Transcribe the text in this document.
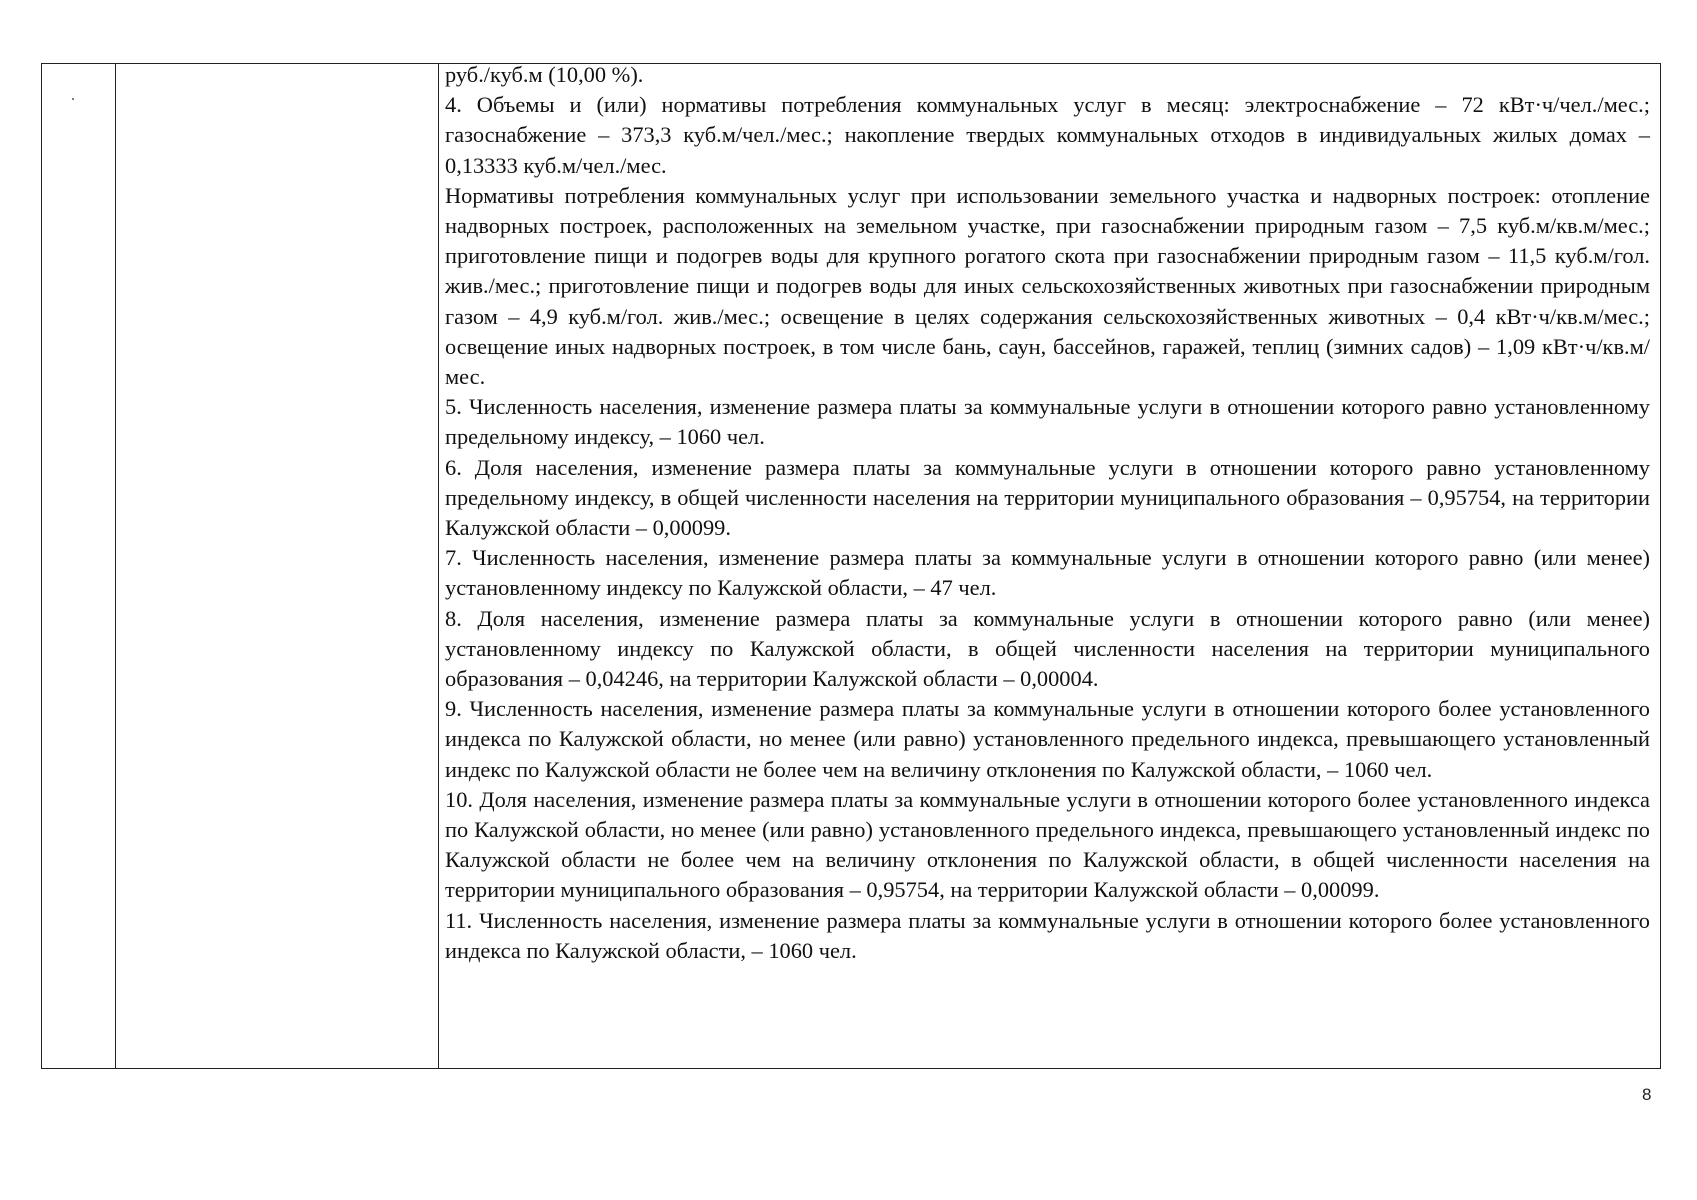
руб./куб.м (10,00 %).

4. Объемы и (или) нормативы потребления коммунальных услуг в месяц: электроснабжение – 72 кВт·ч/чел./мес.; газоснабжение – 373,3 куб.м/чел./мес.; накопление твердых коммунальных отходов в индивидуальных жилых домах – 0,13333 куб.м/чел./мес.

Нормативы потребления коммунальных услуг при использовании земельного участка и надворных построек: отопление надворных построек, расположенных на земельном участке, при газоснабжении природным газом – 7,5 куб.м/кв.м/мес.; приготовление пищи и подогрев воды для крупного рогатого скота при газоснабжении природным газом – 11,5 куб.м/гол. жив./мес.; приготовление пищи и подогрев воды для иных сельскохозяйственных животных при газоснабжении природным газом – 4,9 куб.м/гол. жив./мес.; освещение в целях содержания сельскохозяйственных животных – 0,4 кВт·ч/кв.м/мес.; освещение иных надворных построек, в том числе бань, саун, бассейнов, гаражей, теплиц (зимних садов) – 1,09 кВт·ч/кв.м/мес.

5. Численность населения, изменение размера платы за коммунальные услуги в отношении которого равно установленному предельному индексу, – 1060 чел.

6. Доля населения, изменение размера платы за коммунальные услуги в отношении которого равно установленному предельному индексу, в общей численности населения на территории муниципального образования – 0,95754, на территории Калужской области – 0,00099.

7. Численность населения, изменение размера платы за коммунальные услуги в отношении которого равно (или менее) установленному индексу по Калужской области, – 47 чел.

8. Доля населения, изменение размера платы за коммунальные услуги в отношении которого равно (или менее) установленному индексу по Калужской области, в общей численности населения на территории муниципального образования – 0,04246, на территории Калужской области – 0,00004.

9. Численность населения, изменение размера платы за коммунальные услуги в отношении которого более установленного индекса по Калужской области, но менее (или равно) установленного предельного индекса, превышающего установленный индекс по Калужской области не более чем на величину отклонения по Калужской области, – 1060 чел.

10. Доля населения, изменение размера платы за коммунальные услуги в отношении которого более установленного индекса по Калужской области, но менее (или равно) установленного предельного индекса, превышающего установленный индекс по Калужской области не более чем на величину отклонения по Калужской области, в общей численности населения на территории муниципального образования – 0,95754, на территории Калужской области – 0,00099.

11. Численность населения, изменение размера платы за коммунальные услуги в отношении которого более установленного индекса по Калужской области, – 1060 чел.

8
